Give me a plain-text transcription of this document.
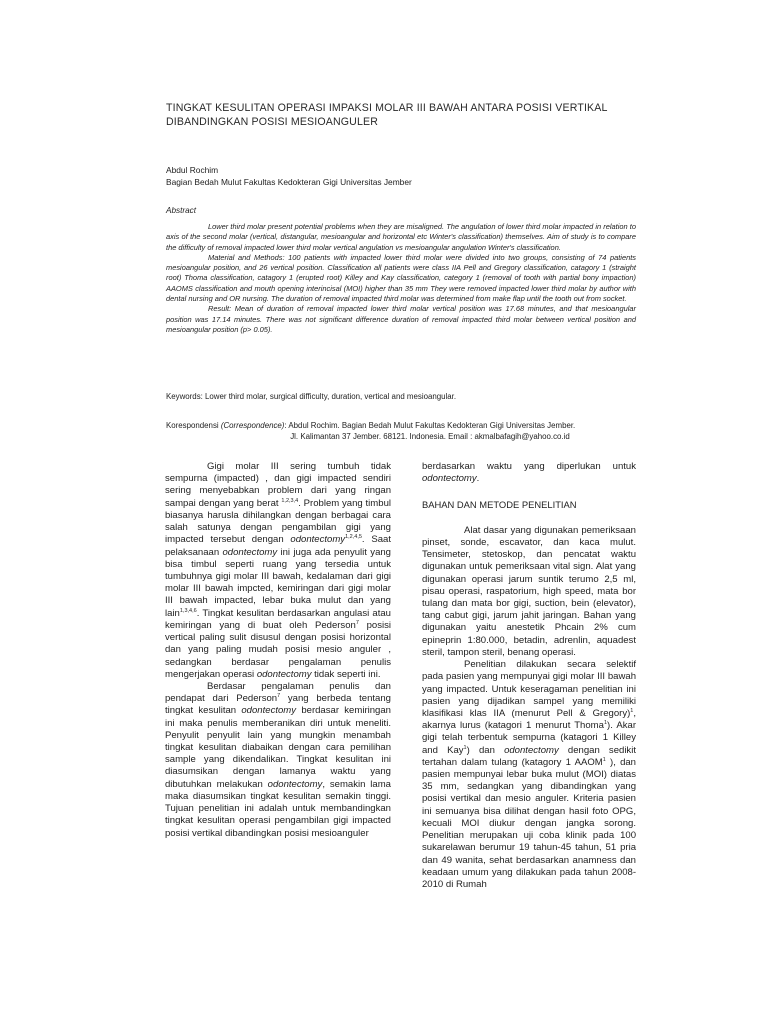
TINGKAT KESULITAN OPERASI IMPAKSI MOLAR III BAWAH ANTARA POSISI VERTIKAL DIBANDINGKAN POSISI MESIOANGULER
Abdul Rochim
Bagian Bedah Mulut Fakultas Kedokteran Gigi Universitas Jember
Abstract

Lower third molar present potential problems when they are misaligned. The angulation of lower third molar impacted in relation to axis of the second molar (vertical, distangular, mesioangular and horizontal etc Winter's classification) themselves. Aim of study is to compare the difficulty of removal impacted lower third molar vertical angulation vs mesioangular angulation Winter's classification.

Material and Methods: 100 patients with impacted lower third molar were divided into two groups, consisting of 74 patients mesioangular position, and 26 vertical position. Classification all patients were class IIA Pell and Gregory classification, catagory 1 (straight root) Thoma classification, catagory 1 (erupted root) Killey and Kay classification, category 1 (removal of tooth with partial bony impaction) AAOMS classification and mouth opening interincisal (MOI) higher than 35 mm They were removed impacted lower third molar by author with dental nursing and OR nursing. The duration of removal impacted third molar was determined from make flap until the tooth out from socket.

Result: Mean of duration of removal impacted lower third molar vertical position was 17.68 minutes, and that mesioangular position was 17.14 minutes. There was not significant difference duration of removal impacted third molar between vertical position and mesioangular position (p> 0.05).

Keywords: Lower third molar, surgical difficulty, duration, vertical and mesioangular.
Korespondensi (Correspondence): Abdul Rochim. Bagian Bedah Mulut Fakultas Kedokteran Gigi Universitas Jember.
Jl. Kalimantan 37 Jember. 68121. Indonesia. Email : akmalbafagih@yahoo.co.id

Gigi molar III sering tumbuh tidak sempurna (impacted) , dan gigi impacted sendiri sering menyebabkan problem dari yang ringan sampai dengan yang berat $^{1,2,3,4}$. Problem yang timbul biasanya harusla dihilangkan dengan berbagai cara salah satunya dengan pengambilan gigi yang impacted tersebut dengan odontectomy$^{1,2,4,5}$. Saat pelaksanaan odontectomy ini juga ada penyulit yang bisa timbul seperti ruang yang tersedia untuk tumbuhnya gigi molar III bawah, kedalaman dari gigi molar III bawah impcted, kemiringan dari gigi molar III bawah impacted, lebar buka mulut dan yang lain$^{1,3,4,6}$. Tingkat kesulitan berdasarkan angulasi atau kemiringan yang di buat oleh Pederson$^7$ posisi vertical paling sulit disusul dengan posisi horizontal dan yang paling mudah posisi mesio anguler , sedangkan berdasar pengalaman penulis mengerjakan operasi odontectomy tidak seperti ini.

Berdasar pengalaman penulis dan pendapat dari Pederson$^7$ yang berbeda tentang tingkat kesulitan odontectomy berdasar kemiringan ini maka penulis memberanikan diri untuk meneliti. Penyulit penyulit lain yang mungkin menambah tingkat kesulitan diabaikan dengan cara pemilihan sample yang dikendalikan. Tingkat kesulitan ini diasumsikan dengan lamanya waktu yang dibutuhkan melakukan odontectomy, semakin lama maka diasumsikan tingkat kesulitan semakin tinggi. Tujuan penelitian ini adalah untuk membandingkan tingkat kesulitan operasi pengambilan gigi impacted posisi vertikal dibandingkan posisi mesioanguler

berdasarkan waktu yang diperlukan untuk odontectomy.

BAHAN DAN METODE PENELITIAN

Alat dasar yang digunakan pemeriksaan pinset, sonde, escavator, dan kaca mulut. Tensimeter, stetoskop, dan pencatat waktu digunakan untuk pemeriksaan vital sign. Alat yang digunakan operasi jarum suntik terumo 2,5 ml, pisau operasi, raspatorium, high speed, mata bor tulang dan mata bor gigi, suction, bein (elevator), tang cabut gigi, jarum jahit jaringan. Bahan yang digunakan yaitu anestetik Phcain 2% cum epineprin 1:80.000, betadin, adrenlin, aquadest steril, tampon steril, benang operasi.

Penelitian dilakukan secara selektif pada pasien yang mempunyai gigi molar III bawah yang impacted. Untuk keseragaman penelitian ini pasien yang dijadikan sampel yang memiliki klasifikasi klas IIA (menurut Pell & Gregory)$^1$, akarnya lurus (katagori 1 menurut Thoma$^1$). Akar gigi telah terbentuk sempurna (katagori 1 Killey and Kay$^1$) dan odontectomy dengan sedikit tertahan dalam tulang (katagory 1 AAOM$^1$ ), dan pasien mempunyai lebar buka mulut (MOI) diatas 35 mm, sedangkan yang dibandingkan yang posisi vertikal dan mesio anguler. Kriteria pasien ini semuanya bisa dilihat dengan hasil foto OPG, kecuali MOI diukur dengan jangka sorong. Penelitian merupakan uji coba klinik pada 100 sukarelawan berumur 19 tahun-45 tahun, 51 pria dan 49 wanita, sehat berdasarkan anamness dan keadaan umum yang dilakukan pada tahun 2008-2010 di Rumah
